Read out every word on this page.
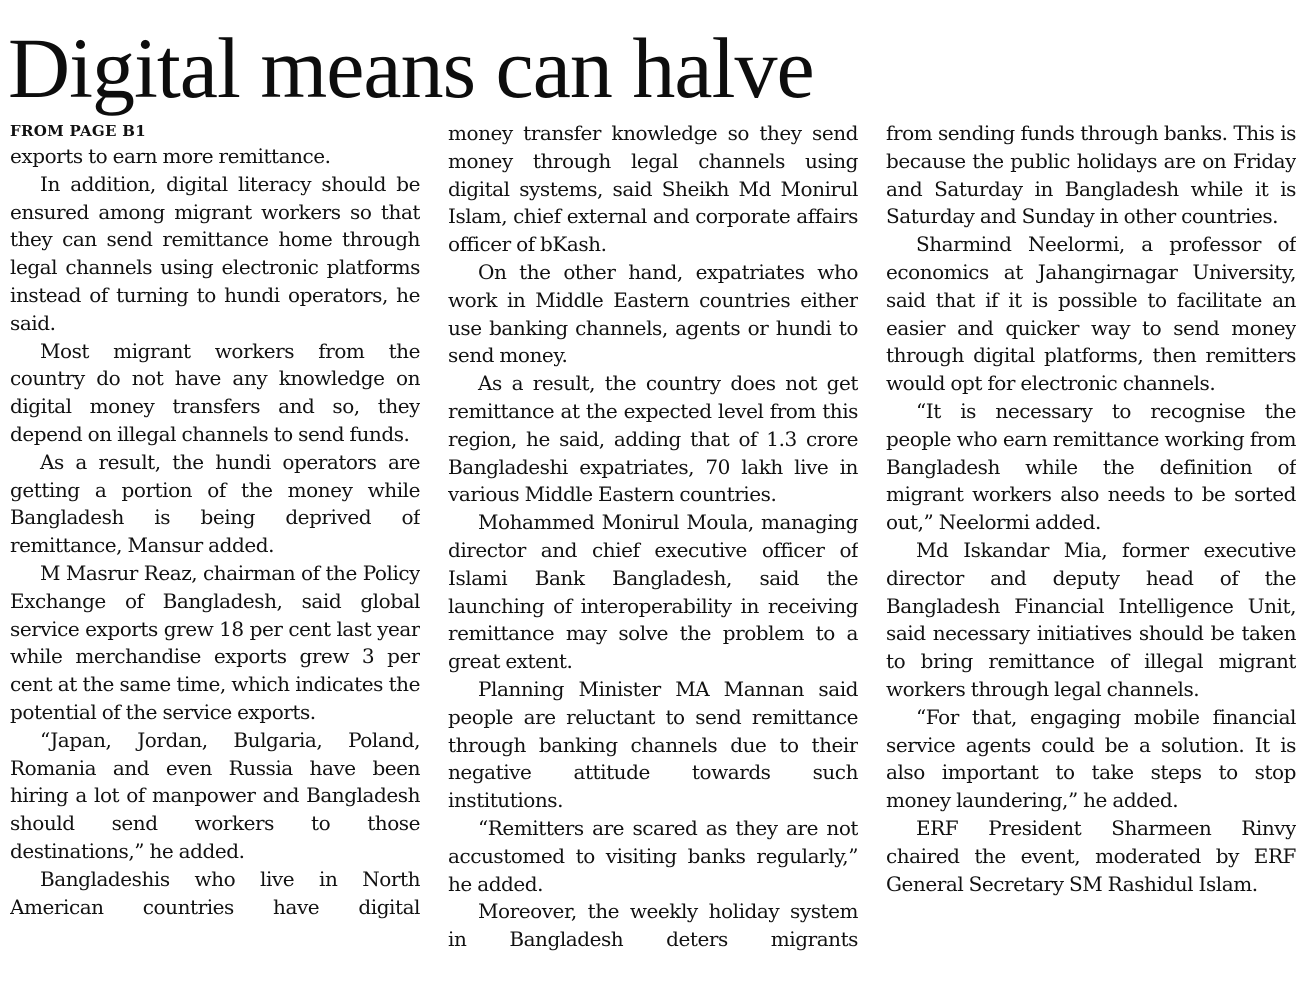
Digital means can halve
FROM PAGE B1

exports to earn more remittance.

In addition, digital literacy should be ensured among migrant workers so that they can send remittance home through legal channels using electronic platforms instead of turning to hundi operators, he said.

Most migrant workers from the country do not have any knowledge on digital money transfers and so, they depend on illegal channels to send funds.

As a result, the hundi operators are getting a portion of the money while Bangladesh is being deprived of remittance, Mansur added.

M Masrur Reaz, chairman of the Policy Exchange of Bangladesh, said global service exports grew 18 per cent last year while merchandise exports grew 3 per cent at the same time, which indicates the potential of the service exports.

“Japan, Jordan, Bulgaria, Poland, Romania and even Russia have been hiring a lot of manpower and Bangladesh should send workers to those destinations,” he added.

Bangladeshis who live in North American countries have digital

money transfer knowledge so they send money through legal channels using digital systems, said Sheikh Md Monirul Islam, chief external and corporate affairs officer of bKash.

On the other hand, expatriates who work in Middle Eastern countries either use banking channels, agents or hundi to send money.

As a result, the country does not get remittance at the expected level from this region, he said, adding that of 1.3 crore Bangladeshi expatriates, 70 lakh live in various Middle Eastern countries.

Mohammed Monirul Moula, managing director and chief executive officer of Islami Bank Bangladesh, said the launching of interoperability in receiving remittance may solve the problem to a great extent.

Planning Minister MA Mannan said people are reluctant to send remittance through banking channels due to their negative attitude towards such institutions.

“Remitters are scared as they are not accustomed to visiting banks regularly,” he added.

Moreover, the weekly holiday system in Bangladesh deters migrants

from sending funds through banks. This is because the public holidays are on Friday and Saturday in Bangladesh while it is Saturday and Sunday in other countries.

Sharmind Neelormi, a professor of economics at Jahangirnagar University, said that if it is possible to facilitate an easier and quicker way to send money through digital platforms, then remitters would opt for electronic channels.

“It is necessary to recognise the people who earn remittance working from Bangladesh while the definition of migrant workers also needs to be sorted out,” Neelormi added.

Md Iskandar Mia, former executive director and deputy head of the Bangladesh Financial Intelligence Unit, said necessary initiatives should be taken to bring remittance of illegal migrant workers through legal channels.

“For that, engaging mobile financial service agents could be a solution. It is also important to take steps to stop money laundering,” he added.

ERF President Sharmeen Rinvy chaired the event, moderated by ERF General Secretary SM Rashidul Islam.
